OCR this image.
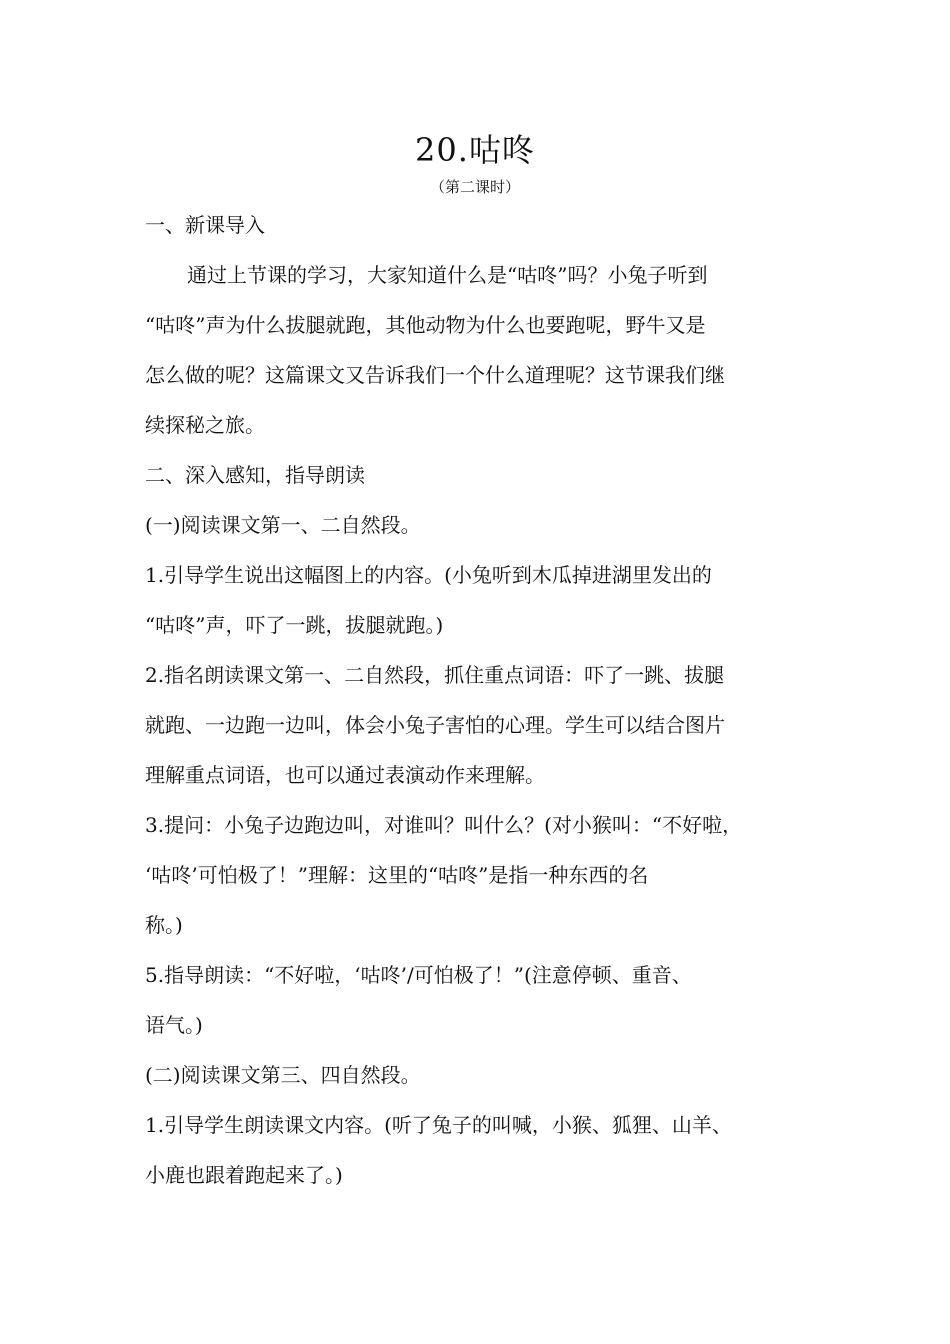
20.咕咚
（第二课时）
一、新课导入
通过上节课的学习，大家知道什么是“咕咚”吗？小兔子听到
“咕咚”声为什么拔腿就跑，其他动物为什么也要跑呢，野牛又是
怎么做的呢？这篇课文又告诉我们一个什么道理呢？这节课我们继
续探秘之旅。
二、深入感知，指导朗读
(一)阅读课文第一、二自然段。
1.引导学生说出这幅图上的内容。(小兔听到木瓜掉进湖里发出的
“咕咚”声，吓了一跳，拔腿就跑。)
2.指名朗读课文第一、二自然段，抓住重点词语：吓了一跳、拔腿
就跑、一边跑一边叫，体会小兔子害怕的心理。学生可以结合图片
理解重点词语，也可以通过表演动作来理解。
3.提问：小兔子边跑边叫，对谁叫？叫什么？(对小猴叫：“不好啦，
‘咕咚’可怕极了！”理解：这里的“咕咚”是指一种东西的名
称。)
5.指导朗读：“不好啦，‘咕咚’/可怕极了！”(注意停顿、重音、
语气。)
(二)阅读课文第三、四自然段。
1.引导学生朗读课文内容。(听了兔子的叫喊，小猴、狐狸、山羊、
小鹿也跟着跑起来了。)
